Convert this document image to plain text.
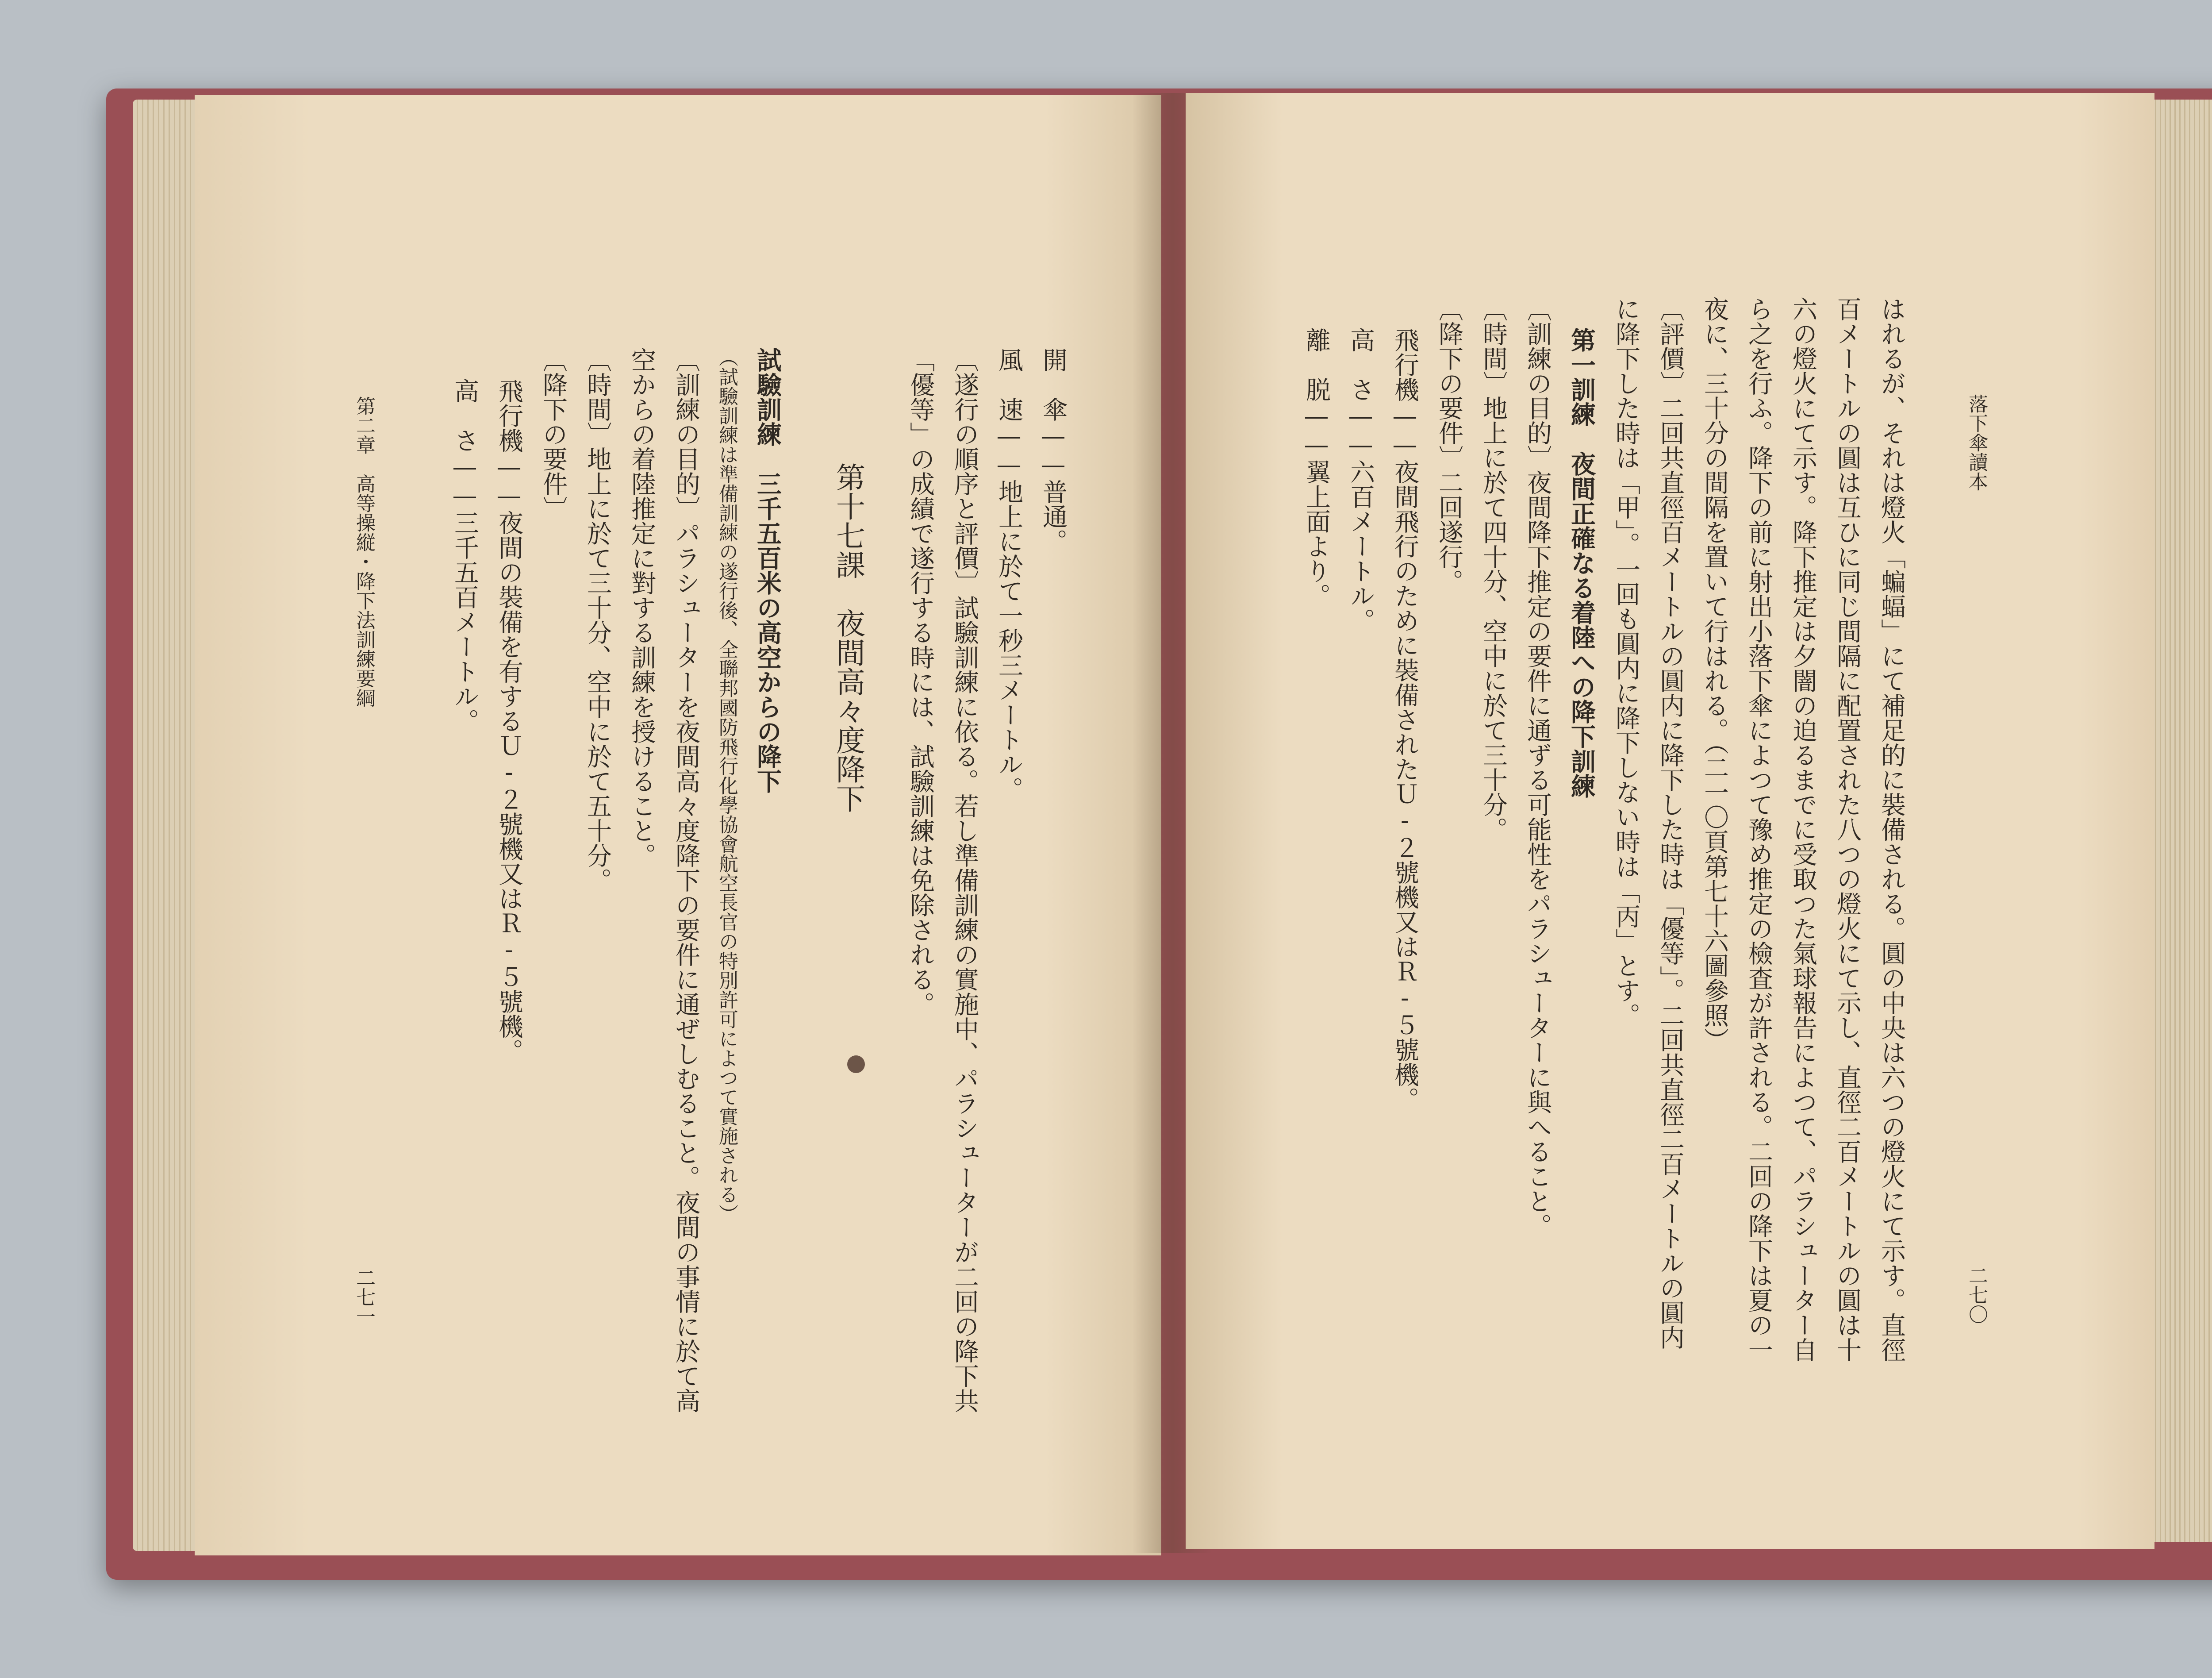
開　傘——普通。
風　速——地上に於て一秒三メートル。
〔遂行の順序と評價〕試驗訓練に依る。若し準備訓練の實施中、パラシューターが二回の降下共
「優等」の成績で遂行する時には、試驗訓練は免除される。
第十七課　夜間高々度降下
試驗訓練　三千五百米の高空からの降下
（試驗訓練は準備訓練の遂行後、全聯邦國防飛行化學協會航空長官の特別許可によつて實施される）
〔訓練の目的〕パラシューターを夜間高々度降下の要件に通ぜしむること。夜間の事情に於て高
空からの着陸推定に對する訓練を授けること。
〔時間〕地上に於て三十分、空中に於て五十分。
〔降下の要件〕
飛行機——夜間の裝備を有するＵ-２號機又はＲ-５號機。
高　さ——三千五百メートル。
第二章　高等操縦・降下法訓練要綱
二七一
落下傘讀本
はれるが、それは燈火「蝙蝠」にて補足的に裝備される。圓の中央は六つの燈火にて示す。直徑
百メートルの圓は互ひに同じ間隔に配置された八つの燈火にて示し、直徑二百メートルの圓は十
六の燈火にて示す。降下推定は夕闇の迫るまでに受取つた氣球報告によつて、パラシューター自
ら之を行ふ。降下の前に射出小落下傘によつて豫め推定の檢査が許される。二回の降下は夏の一
夜に、三十分の間隔を置いて行はれる。（二一〇頁第七十六圖參照）
〔評價〕二回共直徑百メートルの圓内に降下した時は「優等」。二回共直徑二百メートルの圓内
に降下した時は「甲」。一回も圓内に降下しない時は「丙」とす。
第一訓練　夜間正確なる着陸への降下訓練
〔訓練の目的〕夜間降下推定の要件に通ずる可能性をパラシューターに與へること。
〔時間〕地上に於て四十分、空中に於て三十分。
〔降下の要件〕二回遂行。
飛行機——夜間飛行のために裝備されたＵ-２號機又はＲ-５號機。
高　さ——六百メートル。
離　脱——翼上面より。
二七〇
